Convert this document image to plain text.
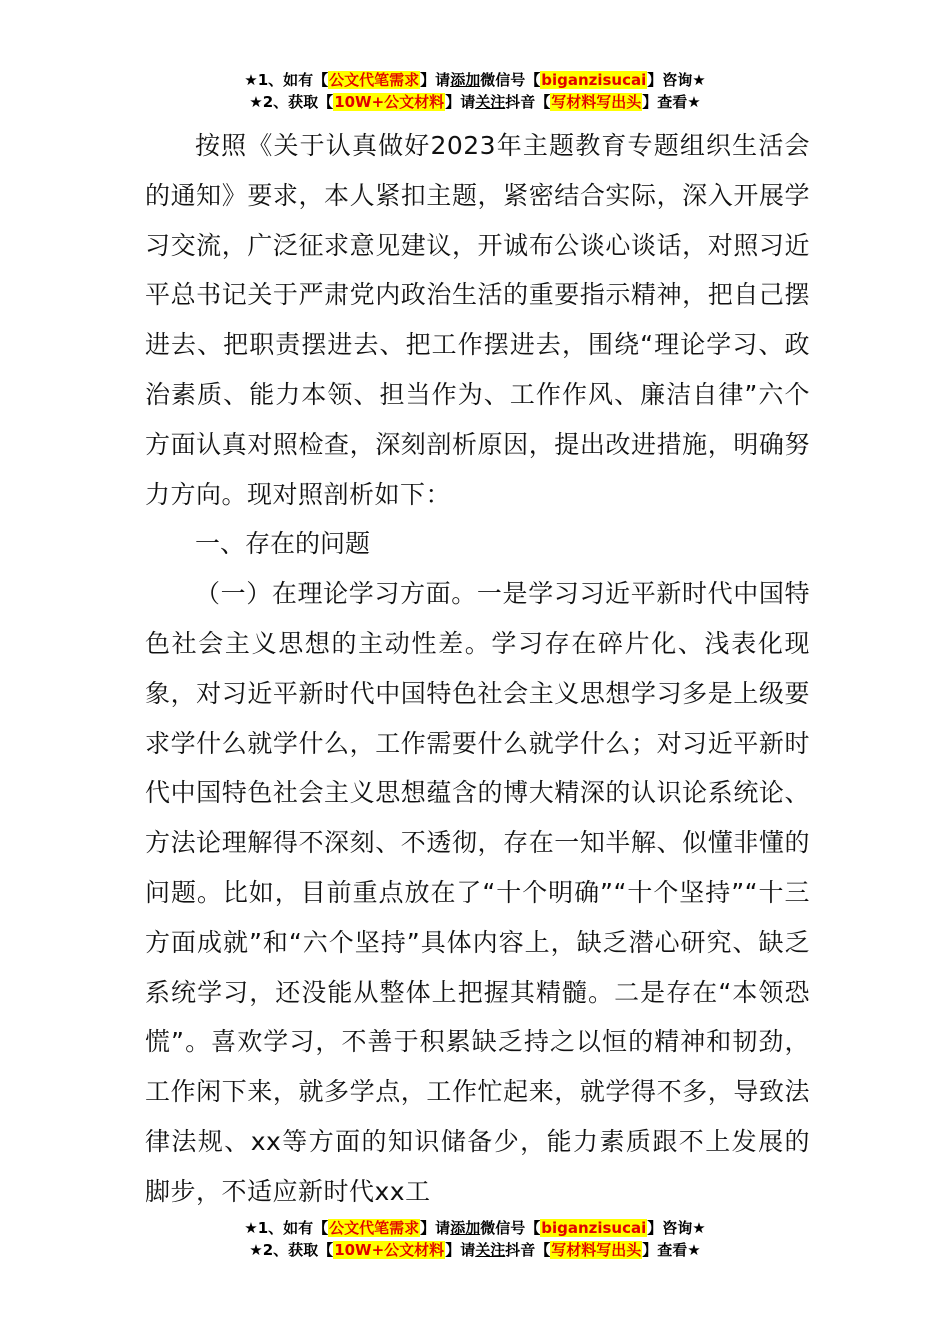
★1、如有【公文代笔需求】请添加微信号【biganzisucai】咨询★
★2、获取【10W+公文材料】请关注抖音【写材料写出头】查看★

按照《关于认真做好2023年主题教育专题组织生活会的通知》要求，本人紧扣主题，紧密结合实际，深入开展学习交流，广泛征求意见建议，开诚布公谈心谈话，对照习近平总书记关于严肃党内政治生活的重要指示精神，把自己摆进去、把职责摆进去、把工作摆进去，围绕“理论学习、政治素质、能力本领、担当作为、工作作风、廉洁自律”六个方面认真对照检查，深刻剖析原因，提出改进措施，明确努力方向。现对照剖析如下：

一、存在的问题

（一）在理论学习方面。一是学习习近平新时代中国特色社会主义思想的主动性差。学习存在碎片化、浅表化现象，对习近平新时代中国特色社会主义思想学习多是上级要求学什么就学什么，工作需要什么就学什么；对习近平新时代中国特色社会主义思想蕴含的博大精深的认识论系统论、方法论理解得不深刻、不透彻，存在一知半解、似懂非懂的问题。比如，目前重点放在了“十个明确”“十个坚持”“十三方面成就”和“六个坚持”具体内容上，缺乏潜心研究、缺乏系统学习，还没能从整体上把握其精髓。二是存在“本领恐慌”。喜欢学习，不善于积累缺乏持之以恒的精神和韧劲，工作闲下来，就多学点，工作忙起来，就学得不多，导致法律法规、xx等方面的知识储备少，能力素质跟不上发展的脚步，不适应新时代xx工

★1、如有【公文代笔需求】请添加微信号【biganzisucai】咨询★
★2、获取【10W+公文材料】请关注抖音【写材料写出头】查看★
